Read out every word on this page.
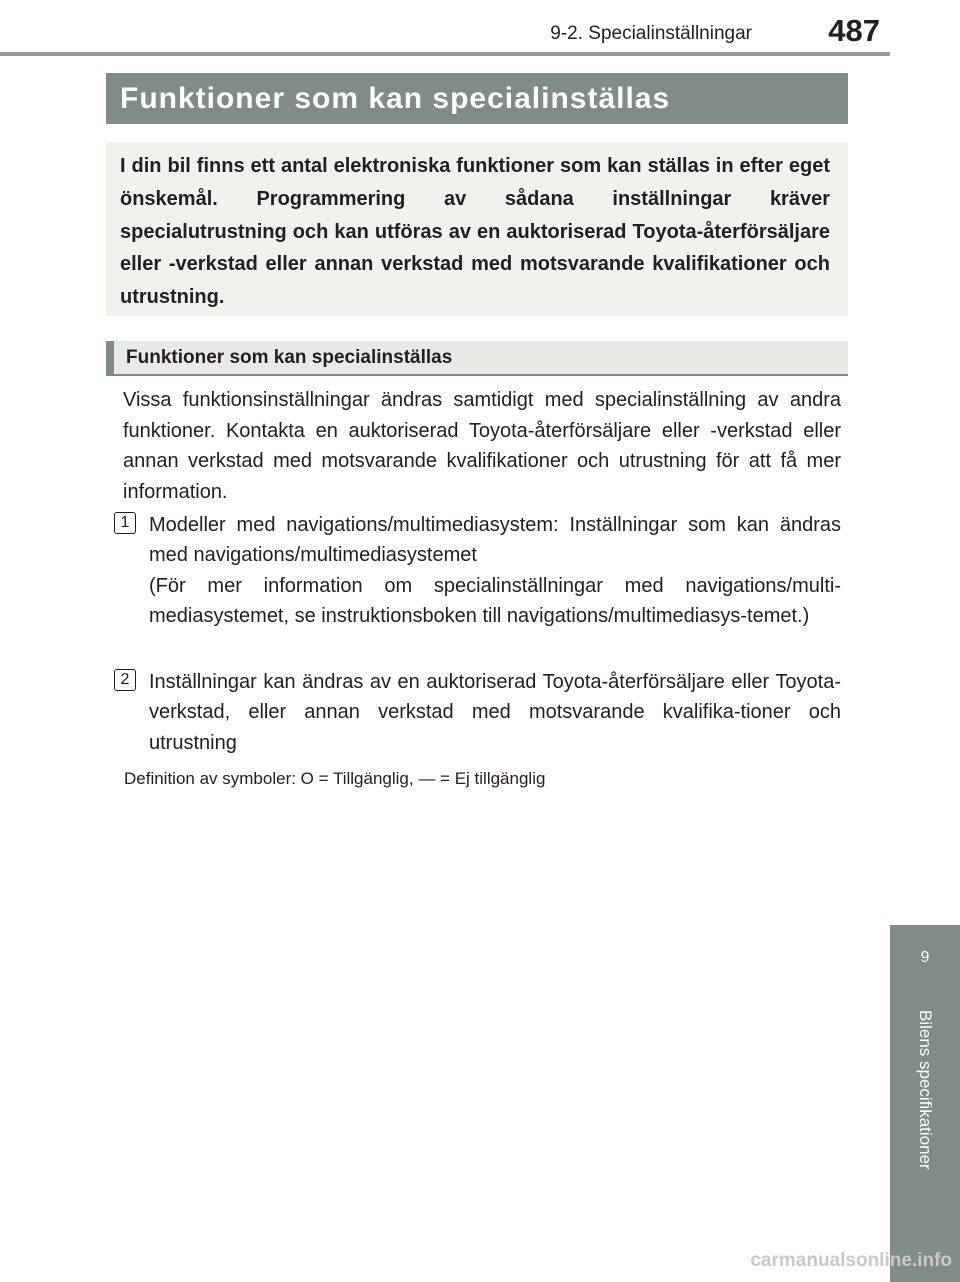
9-2. Specialinställningar	487
Funktioner som kan specialinställas

I din bil finns ett antal elektroniska funktioner som kan ställas in efter eget önskemål. Programmering av sådana inställningar kräver specialutrustning och kan utföras av en auktoriserad Toyota-återförsäljare eller -verkstad eller annan verkstad med motsvarande kvalifikationer och utrustning.

Funktioner som kan specialinställas

Vissa funktionsinställningar ändras samtidigt med specialinställning av andra funktioner. Kontakta en auktoriserad Toyota-återförsäljare eller -verkstad eller annan verkstad med motsvarande kvalifikationer och utrustning för att få mer information.

1 Modeller med navigations/multimediasystem: Inställningar som kan ändras med navigations/multimediasystemet
(För mer information om specialinställningar med navigations/multi-mediasystemet, se instruktionsboken till navigations/multimediasys-temet.)

2 Inställningar kan ändras av en auktoriserad Toyota-återförsäljare eller Toyota-verkstad, eller annan verkstad med motsvarande kvalifika-tioner och utrustning

Definition av symboler: O = Tillgänglig, — = Ej tillgänglig

9
Bilens specifikationer
carmanualsonline.info
